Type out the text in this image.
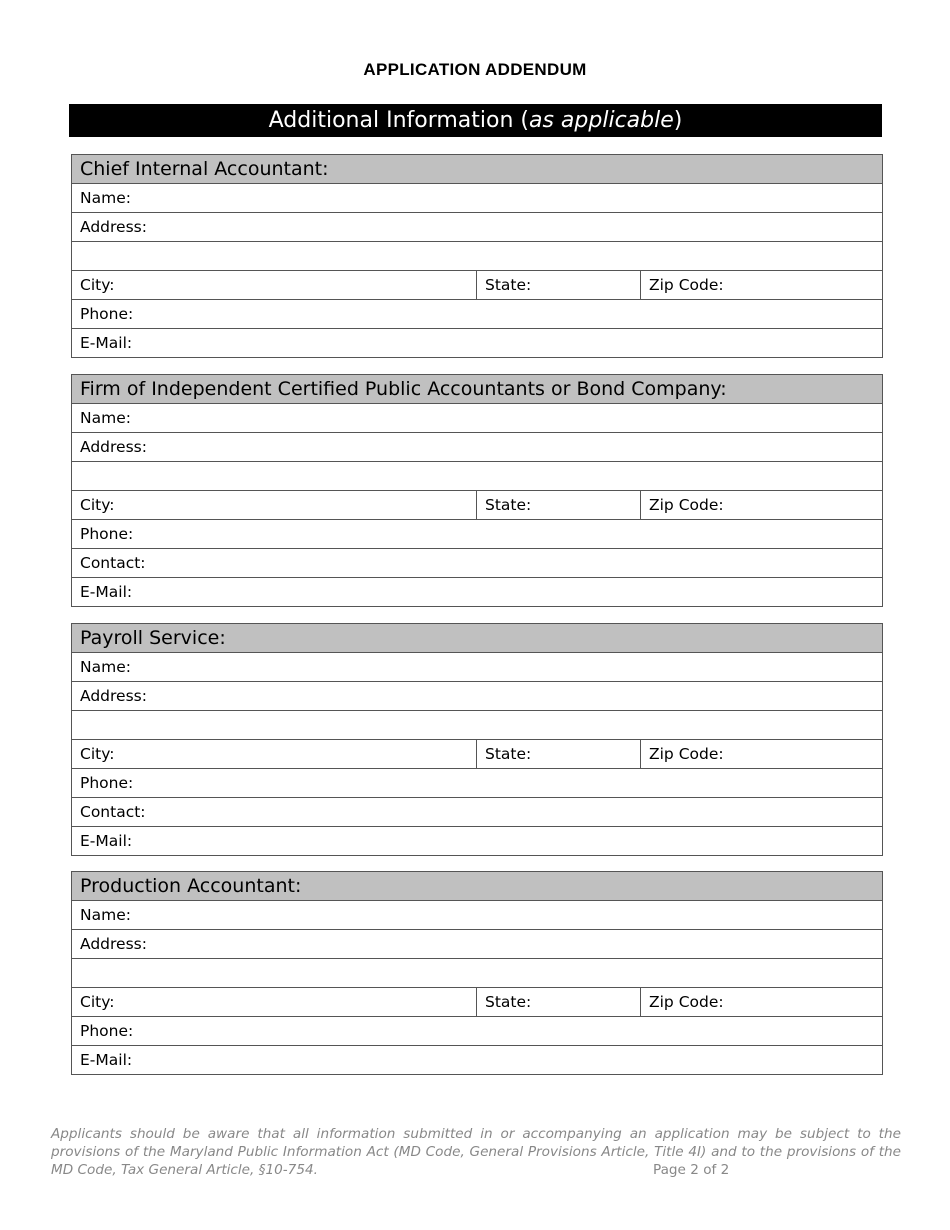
APPLICATION ADDENDUM
Additional Information (as applicable)
Chief Internal Accountant:
Name:
Address:
City:	State:	Zip Code:
Phone:
E-Mail:
Firm of Independent Certified Public Accountants or Bond Company:
Name:
Address:
City:	State:	Zip Code:
Phone:
Contact:
E-Mail:
Payroll Service:
Name:
Address:
City:	State:	Zip Code:
Phone:
Contact:
E-Mail:
Production Accountant:
Name:
Address:
City:	State:	Zip Code:
Phone:
E-Mail:
Applicants should be aware that all information submitted in or accompanying an application may be subject to the provisions of the Maryland Public Information Act (MD Code, General Provisions Article, Title 4I) and to the provisions of the MD Code, Tax General Article, §10-754.	Page 2 of 2
